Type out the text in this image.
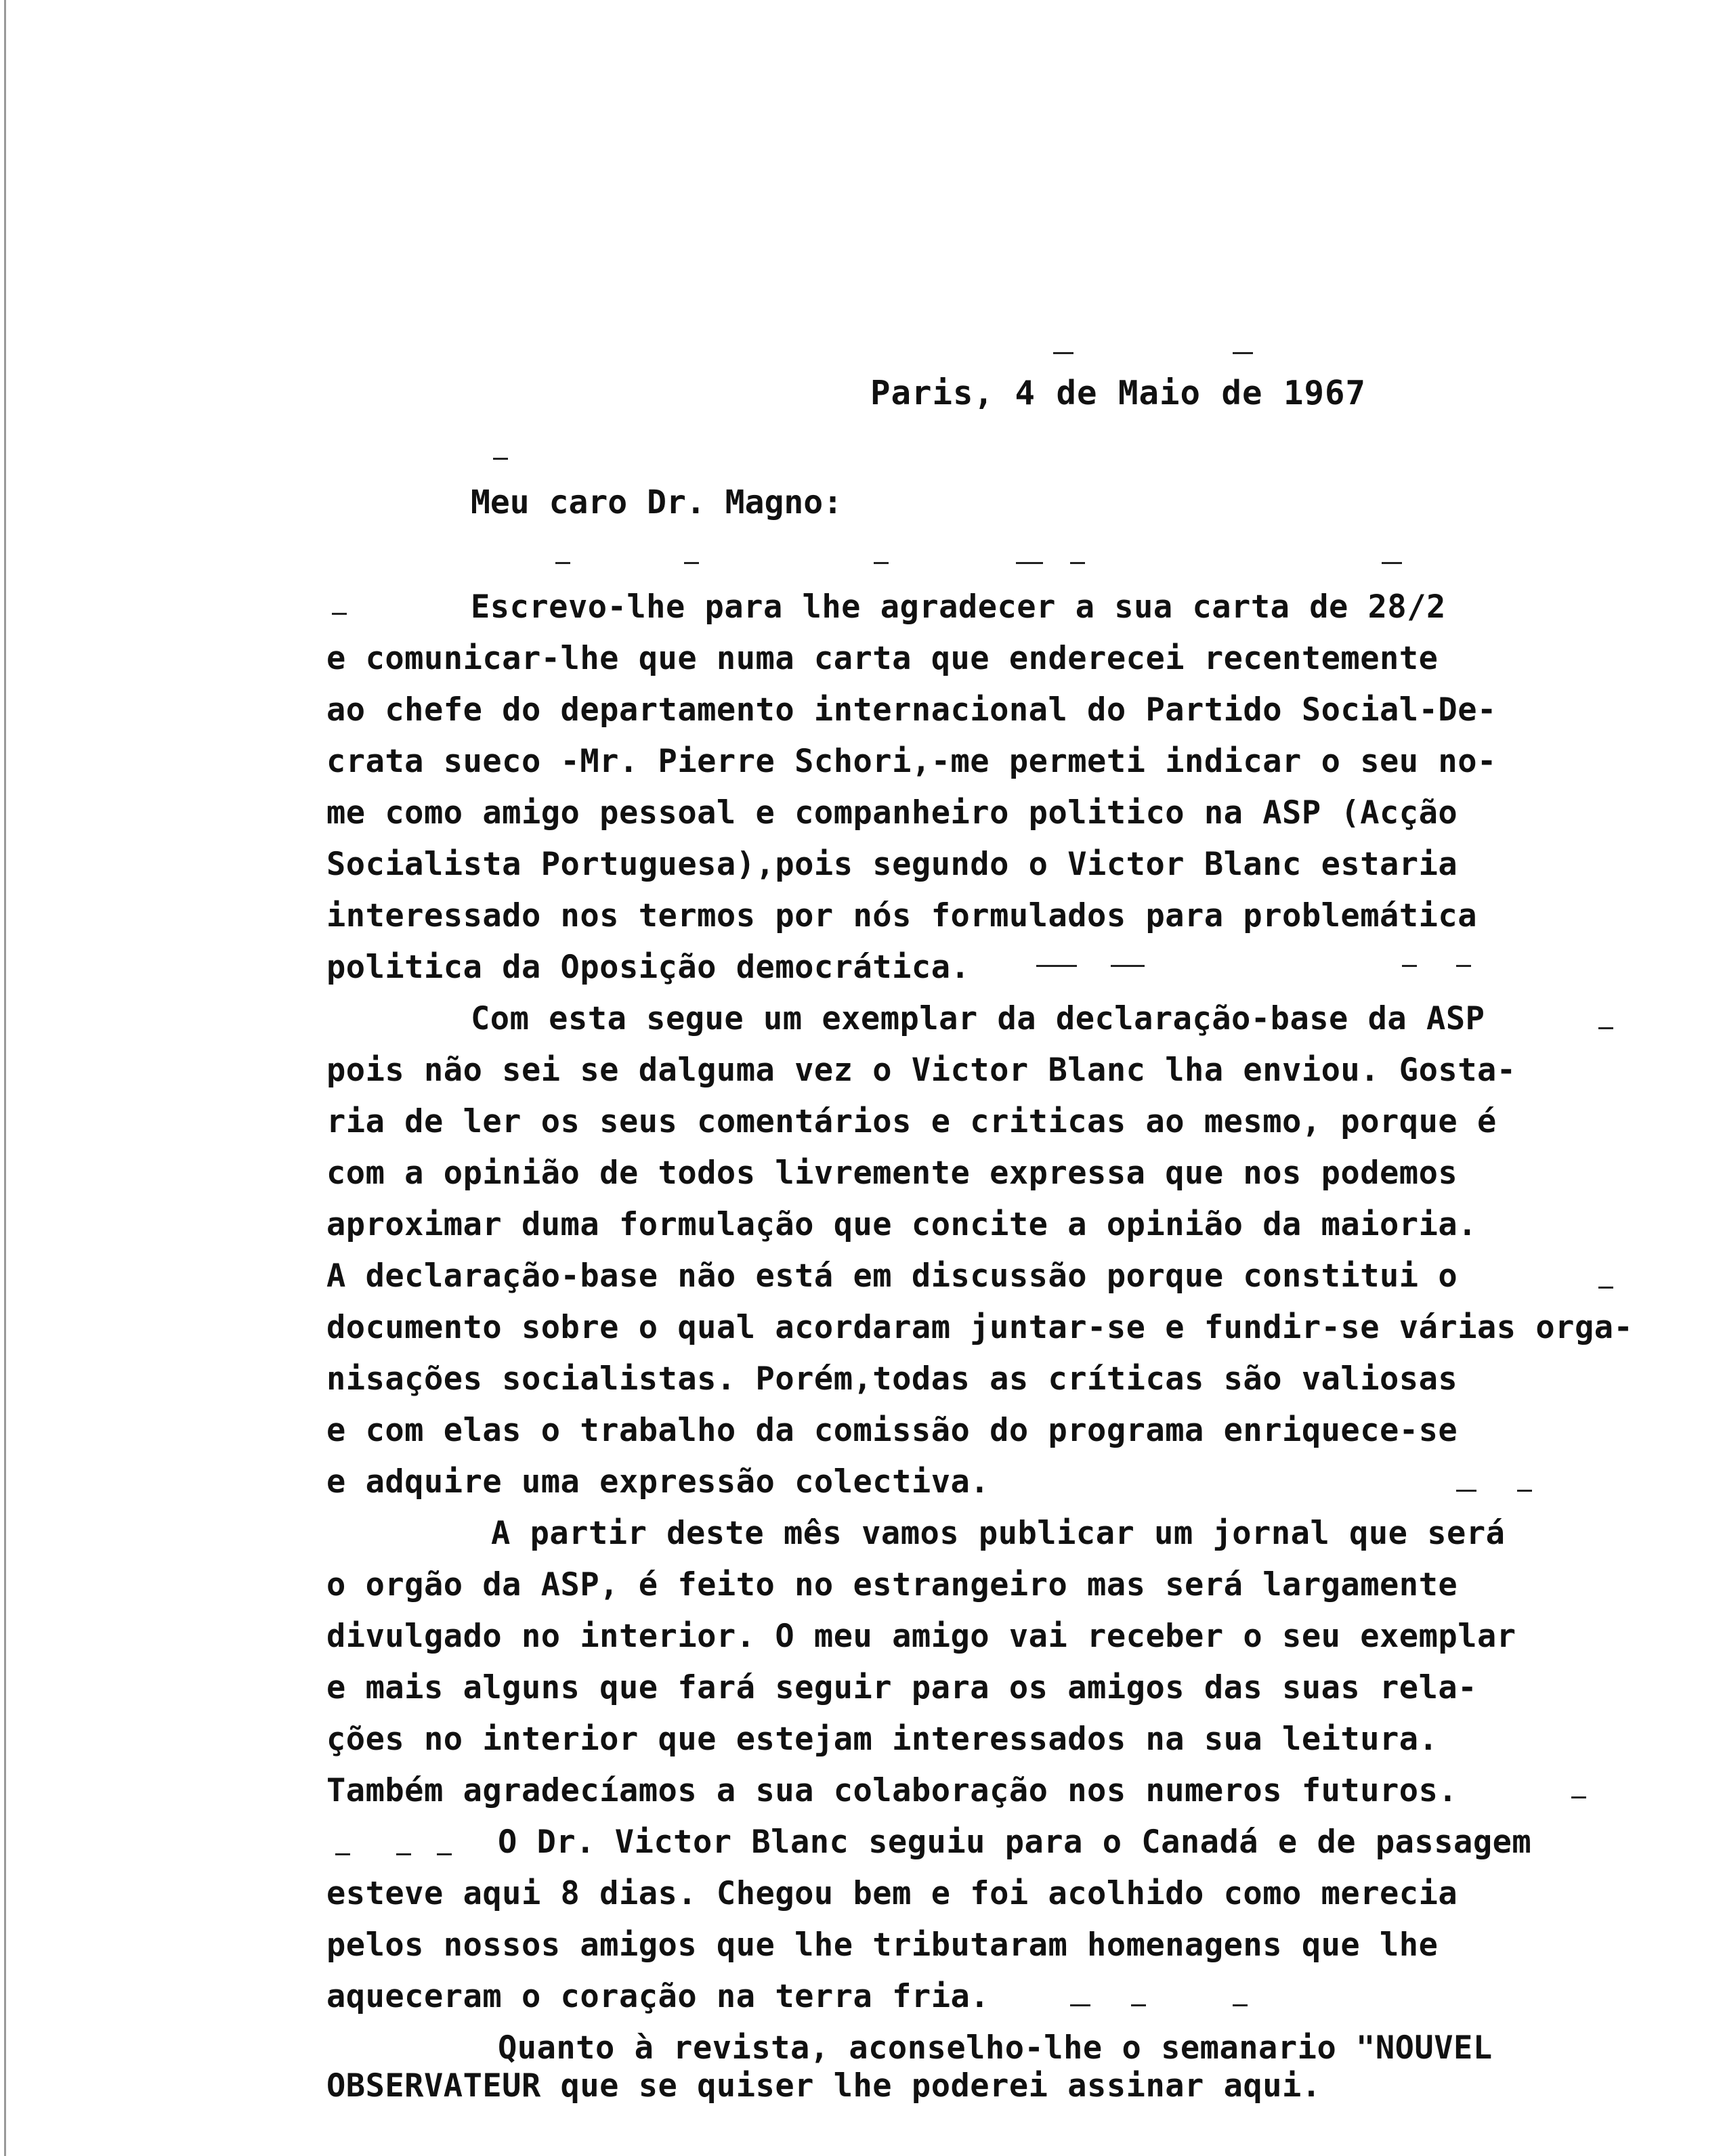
Paris, 4 de Maio de 1967
Meu caro Dr. Magno:
Escrevo-lhe para lhe agradecer a sua carta de 28/2
e comunicar-lhe que numa carta que enderecei recentemente
ao chefe do departamento internacional do Partido Social-De-
crata sueco -Mr. Pierre Schori,-me permeti indicar o seu no-
me como amigo pessoal e companheiro politico na ASP (Acção
Socialista Portuguesa),pois segundo o Victor Blanc estaria
interessado nos termos por nós formulados para problemática
politica da Oposição democrática.
Com esta segue um exemplar da declaração-base da ASP
pois não sei se dalguma vez o Victor Blanc lha enviou. Gosta-
ria de ler os seus comentários e criticas ao mesmo, porque é
com a opinião de todos livremente expressa que nos podemos
aproximar duma formulação que concite a opinião da maioria.
A declaração-base não está em discussão porque constitui o
documento sobre o qual acordaram juntar-se e fundir-se várias orga-
nisações socialistas. Porém,todas as críticas são valiosas
e com elas o trabalho da comissão do programa enriquece-se
e adquire uma expressão colectiva.
A partir deste mês vamos publicar um jornal que será
o orgão da ASP, é feito no estrangeiro mas será largamente
divulgado no interior. O meu amigo vai receber o seu exemplar
e mais alguns que fará seguir para os amigos das suas rela-
ções no interior que estejam interessados na sua leitura.
Também agradecíamos a sua colaboração nos numeros futuros.
O Dr. Victor Blanc seguiu para o Canadá e de passagem
esteve aqui 8 dias. Chegou bem e foi acolhido como merecia
pelos nossos amigos que lhe tributaram homenagens que lhe
aqueceram o coração na terra fria.
Quanto à revista, aconselho-lhe o semanario "NOUVEL
OBSERVATEUR que se quiser lhe poderei assinar aqui.
